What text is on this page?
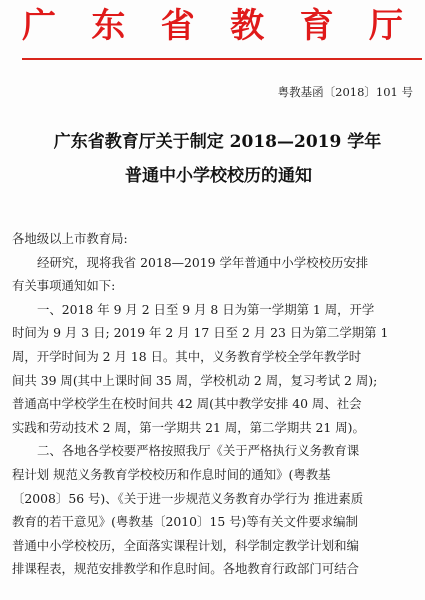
广 东 省 教 育 厅
粤教基函〔2018〕101 号
广东省教育厅关于制定 2018—2019 学年
普通中小学校校历的通知
各地级以上市教育局:
经研究，现将我省 2018—2019 学年普通中小学校校历安排
有关事项通知如下:
一、2018 年 9 月 2 日至 9 月 8 日为第一学期第 1 周，开学
时间为 9 月 3 日; 2019 年 2 月 17 日至 2 月 23 日为第二学期第 1
周，开学时间为 2 月 18 日。其中，义务教育学校全学年教学时
间共 39 周(其中上课时间 35 周，学校机动 2 周，复习考试 2 周);
普通高中学校学生在校时间共 42 周(其中教学安排 40 周、社会
实践和劳动技术 2 周，第一学期共 21 周，第二学期共 21 周)。
二、各地各学校要严格按照我厅《关于严格执行义务教育课
程计划 规范义务教育学校校历和作息时间的通知》(粤教基
〔2008〕56 号)、《关于进一步规范义务教育办学行为 推进素质
教育的若干意见》(粤教基〔2010〕15 号)等有关文件要求编制
普通中小学校校历，全面落实课程计划，科学制定教学计划和编
排课程表，规范安排教学和作息时间。各地教育行政部门可结合
